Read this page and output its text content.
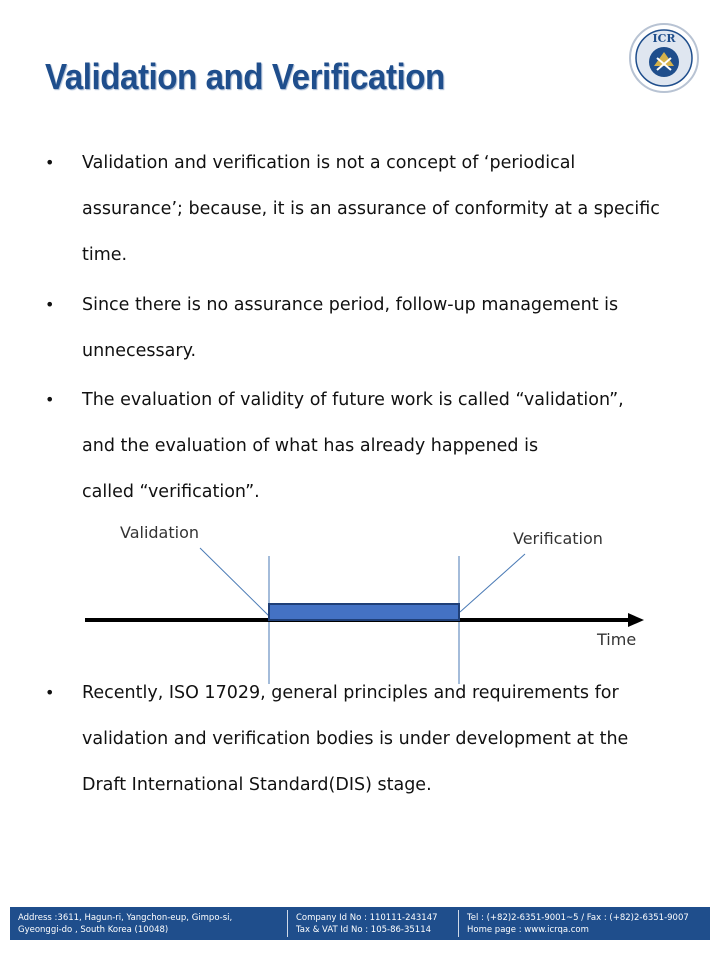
Validation and Verification
ICR
• Validation and verification is not a concept of ‘periodical
assurance’; because, it is an assurance of conformity at a specific
time.
• Since there is no assurance period, follow-up management is
unnecessary.
• The evaluation of validity of future work is called “validation”,
and the evaluation of what has already happened is
called “verification”.
• Recently, ISO 17029, general principles and requirements for
validation and verification bodies is under development at the
Draft International Standard(DIS) stage.
Validation	Verification
Time
Address :3611, Hagun-ri, Yangchon-eup, Gimpo-si,
Gyeonggi-do , South Korea (10048)
Company Id No : 110111-243147
Tax & VAT Id No : 105-86-35114
Tel : (+82)2-6351-9001~5 / Fax : (+82)2-6351-9007
Home page : www.icrqa.com
